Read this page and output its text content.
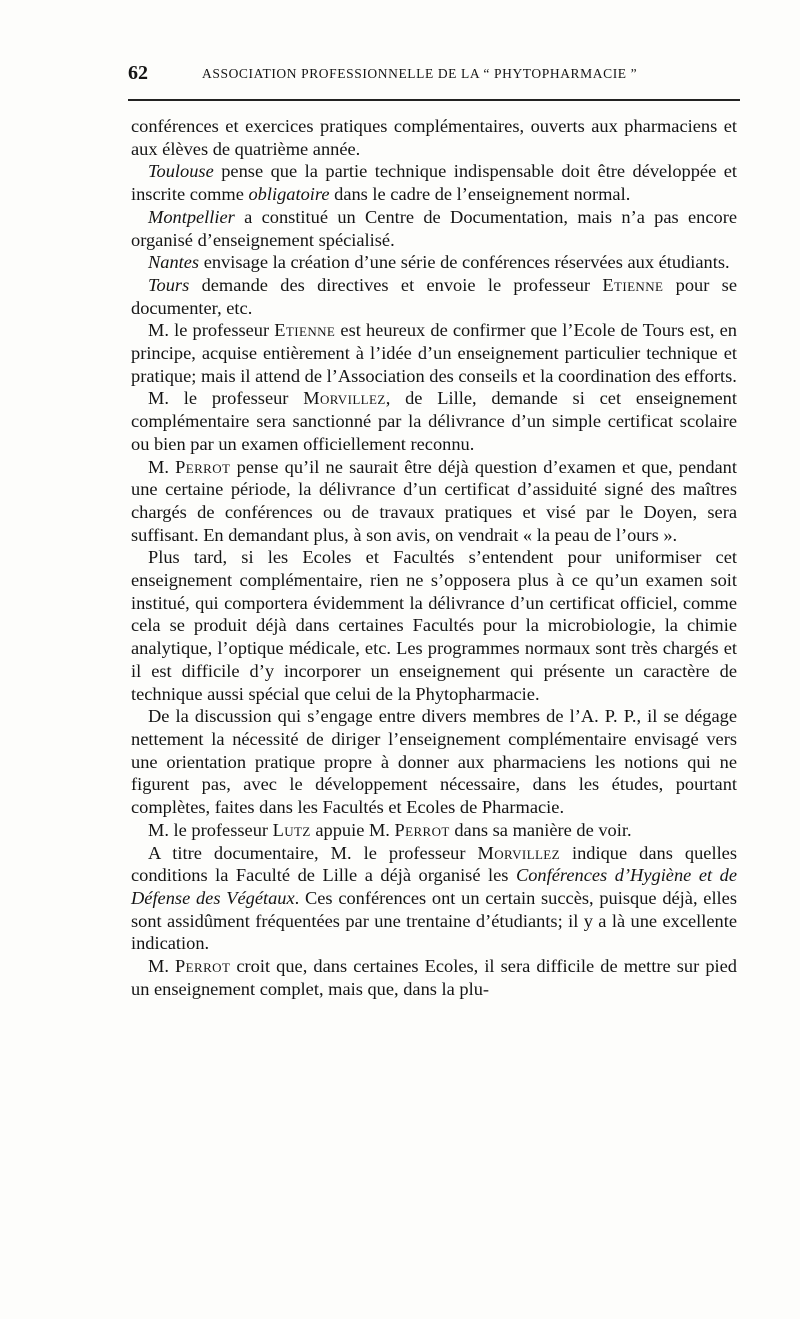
62	ASSOCIATION PROFESSIONNELLE DE LA “ PHYTOPHARMACIE ”

conférences et exercices pratiques complémentaires, ouverts aux pharmaciens et aux élèves de quatrième année.

Toulouse pense que la partie technique indispensable doit être développée et inscrite comme obligatoire dans le cadre de l’enseignement normal.

Montpellier a constitué un Centre de Documentation, mais n’a pas encore organisé d’enseignement spécialisé.

Nantes envisage la création d’une série de conférences réservées aux étudiants.

Tours demande des directives et envoie le professeur Etienne pour se documenter, etc.

M. le professeur Etienne est heureux de confirmer que l’Ecole de Tours est, en principe, acquise entièrement à l’idée d’un enseignement particulier technique et pratique; mais il attend de l’Association des conseils et la coordination des efforts.

M. le professeur Morvillez, de Lille, demande si cet enseignement complémentaire sera sanctionné par la délivrance d’un simple certificat scolaire ou bien par un examen officiellement reconnu.

M. Perrot pense qu’il ne saurait être déjà question d’examen et que, pendant une certaine période, la délivrance d’un certificat d’assiduité signé des maîtres chargés de conférences ou de travaux pratiques et visé par le Doyen, sera suffisant. En demandant plus, à son avis, on vendrait « la peau de l’ours ».

Plus tard, si les Ecoles et Facultés s’entendent pour uniformiser cet enseignement complémentaire, rien ne s’opposera plus à ce qu’un examen soit institué, qui comportera évidemment la délivrance d’un certificat officiel, comme cela se produit déjà dans certaines Facultés pour la microbiologie, la chimie analytique, l’optique médicale, etc. Les programmes normaux sont très chargés et il est difficile d’y incorporer un enseignement qui présente un caractère de technique aussi spécial que celui de la Phytopharmacie.

De la discussion qui s’engage entre divers membres de l’A. P. P., il se dégage nettement la nécessité de diriger l’enseignement complémentaire envisagé vers une orientation pratique propre à donner aux pharmaciens les notions qui ne figurent pas, avec le développement nécessaire, dans les études, pourtant complètes, faites dans les Facultés et Ecoles de Pharmacie.

M. le professeur Lutz appuie M. Perrot dans sa manière de voir.

A titre documentaire, M. le professeur Morvillez indique dans quelles conditions la Faculté de Lille a déjà organisé les Conférences d’Hygiène et de Défense des Végétaux. Ces conférences ont un certain succès, puisque déjà, elles sont assidûment fréquentées par une trentaine d’étudiants; il y a là une excellente indication.

M. Perrot croit que, dans certaines Ecoles, il sera difficile de mettre sur pied un enseignement complet, mais que, dans la plu-
